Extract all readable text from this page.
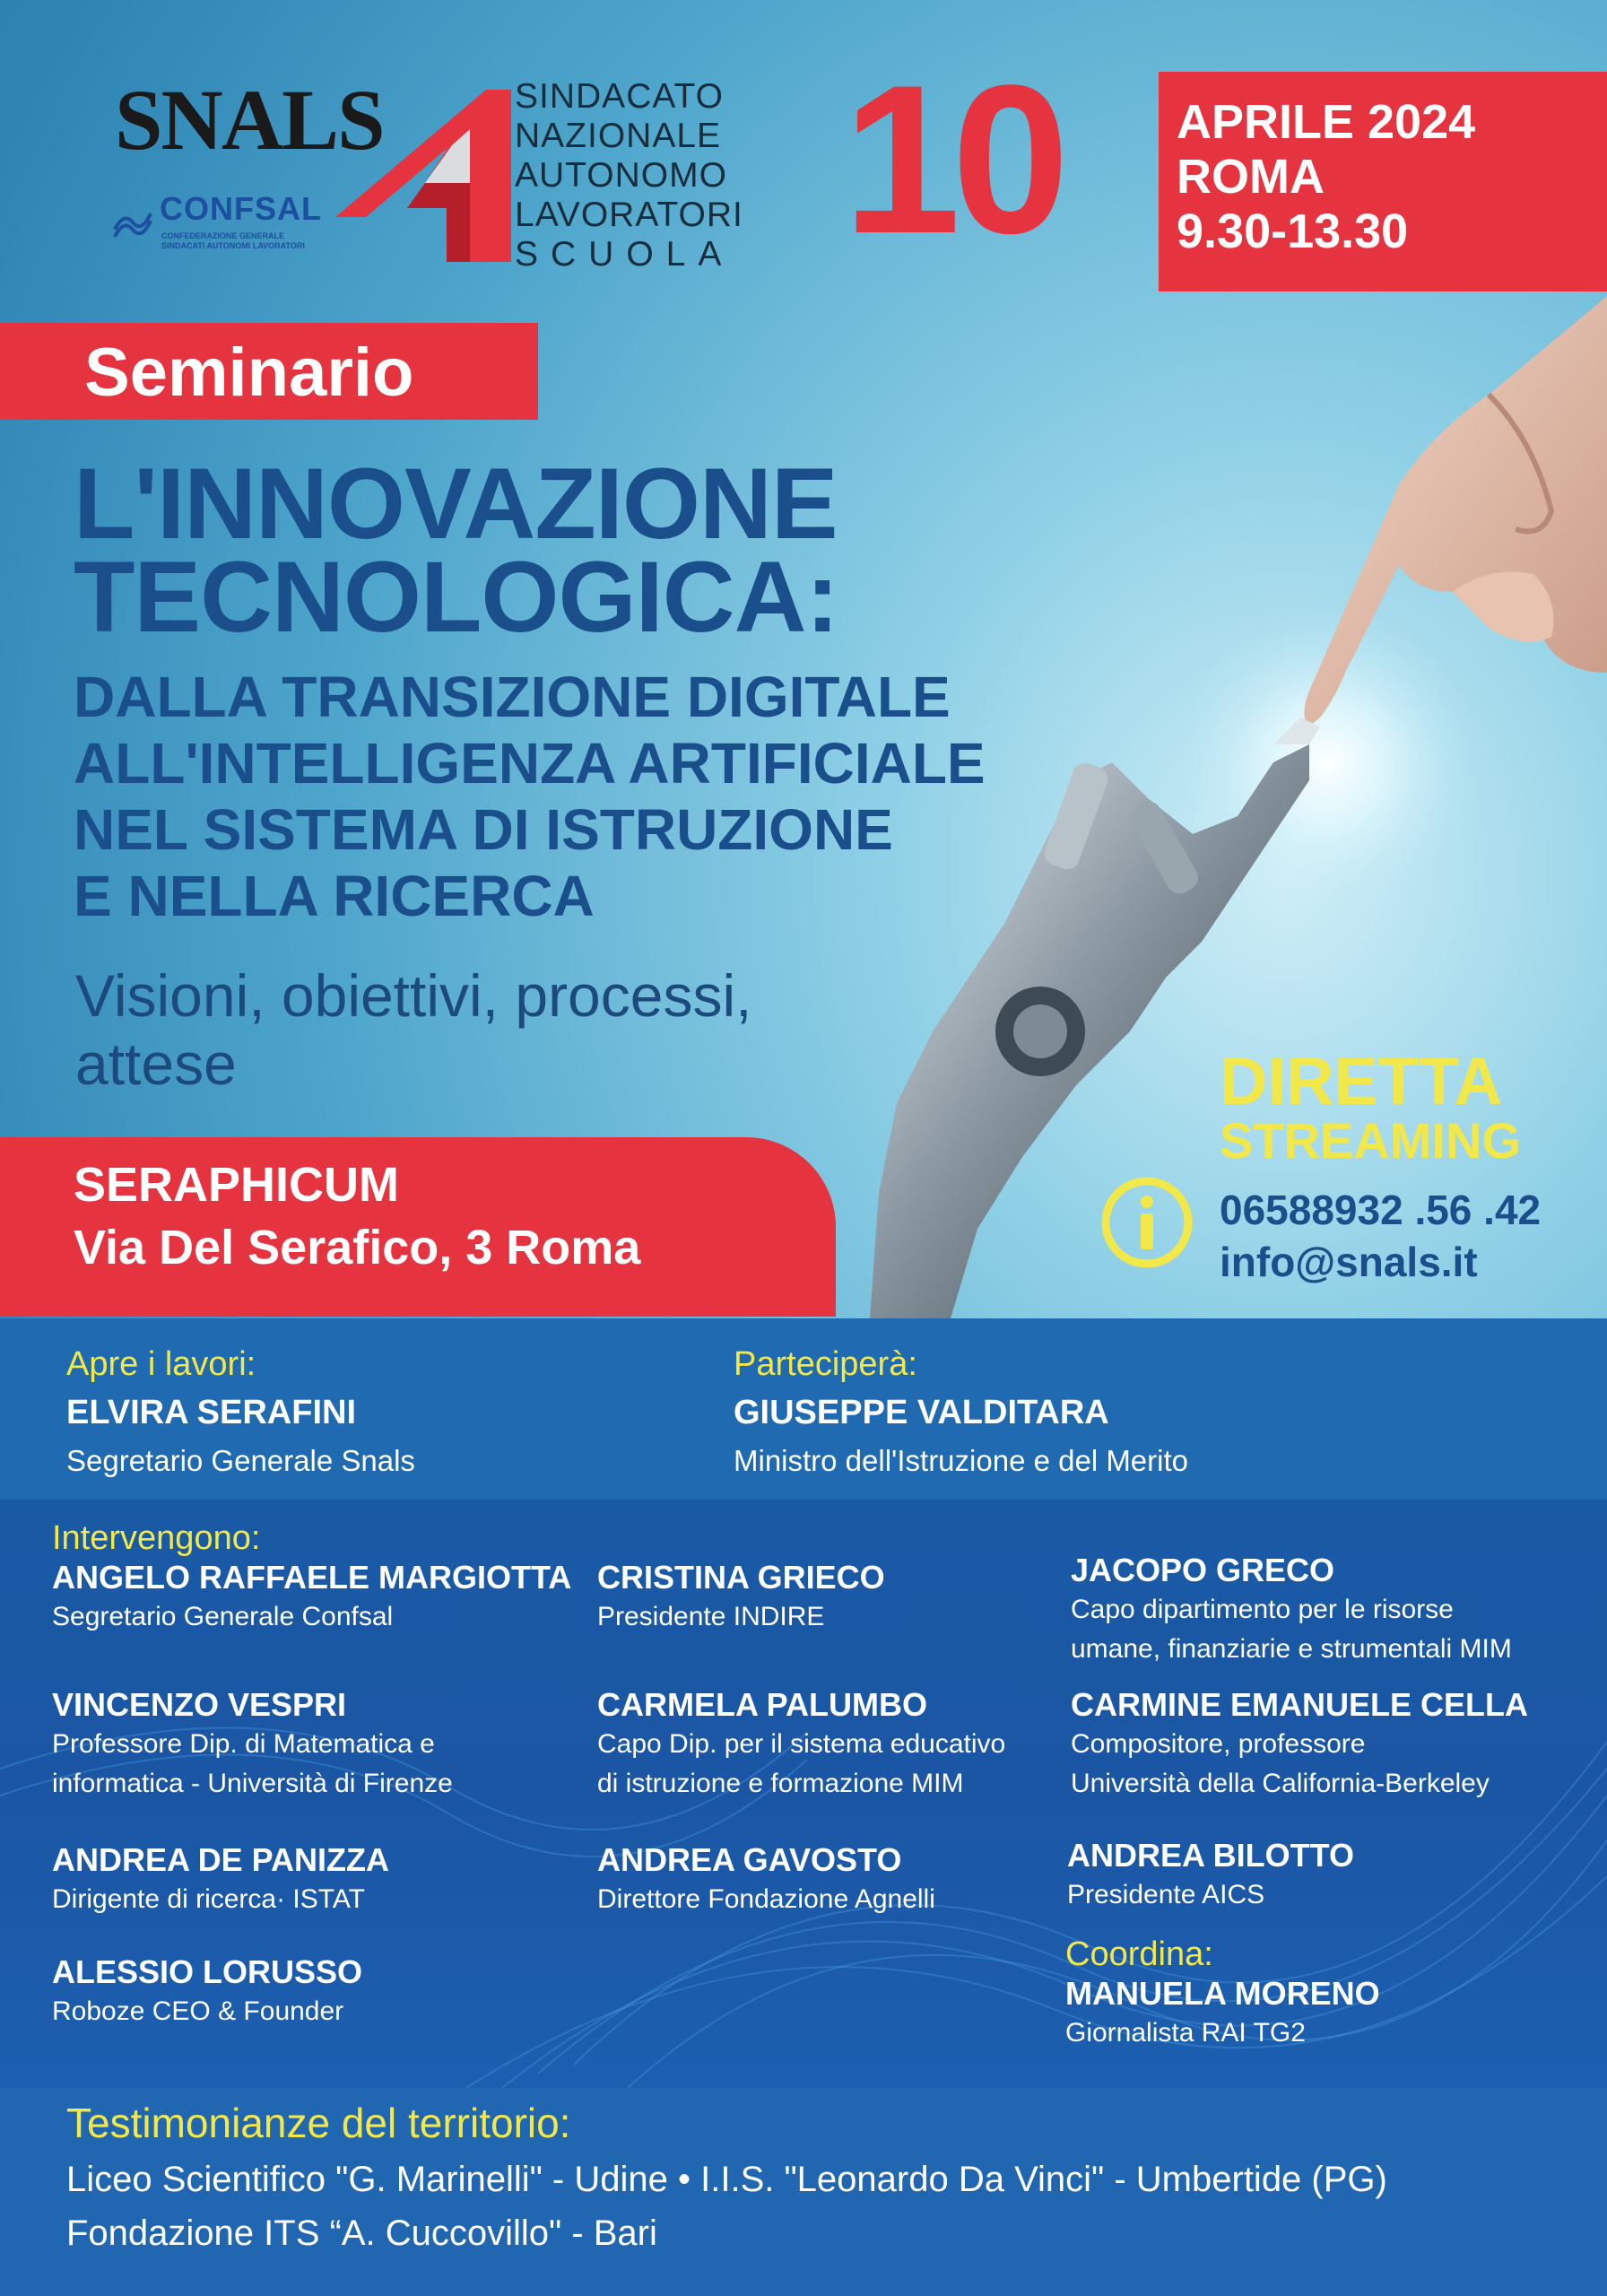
SNALS
CONFSAL
CONFEDERAZIONE GENERALE
SINDACATI AUTONOMI LAVORATORI
SINDACATO
NAZIONALE
AUTONOMO
LAVORATORI
SCUOLA 10 APRILE 2024
ROMA
9.30-13.30
Seminario
L'INNOVAZIONE
TECNOLOGICA:
DALLA TRANSIZIONE DIGITALE
ALL'INTELLIGENZA ARTIFICIALE
NEL SISTEMA DI ISTRUZIONE
E NELLA RICERCA
Visioni, obiettivi, processi,
attese	DIRETTA
STREAMING
06588932 .56 .42
info@snals.it
SERAPHICUM
Via Del Serafico, 3 Roma
Apre i lavori:
ELVIRA SERAFINI
Segretario Generale Snals
Parteciperà:
GIUSEPPE VALDITARA
Ministro dell'Istruzione e del Merito
Intervengono:
ANGELO RAFFAELE MARGIOTTA
Segretario Generale Confsal
VINCENZO VESPRI
Professore Dip. di Matematica e
informatica - Università di Firenze
ANDREA DE PANIZZA
Dirigente di ricerca· ISTAT
ALESSIO LORUSSO
Roboze CEO & Founder
CRISTINA GRIECO
Presidente INDIRE
CARMELA PALUMBO
Capo Dip. per il sistema educativo
di istruzione e formazione MIM
ANDREA GAVOSTO
Direttore Fondazione Agnelli
JACOPO GRECO
Capo dipartimento per le risorse
umane, finanziarie e strumentali MIM
CARMINE EMANUELE CELLA
Compositore, professore
Università della California-Berkeley
ANDREA BILOTTO
Presidente AICS
Coordina:
MANUELA MORENO
Giornalista RAI TG2
Testimonianze del territorio:
Liceo Scientifico "G. Marinelli" - Udine • I.I.S. "Leonardo Da Vinci" - Umbertide (PG)
Fondazione ITS “A. Cuccovillo" - Bari
